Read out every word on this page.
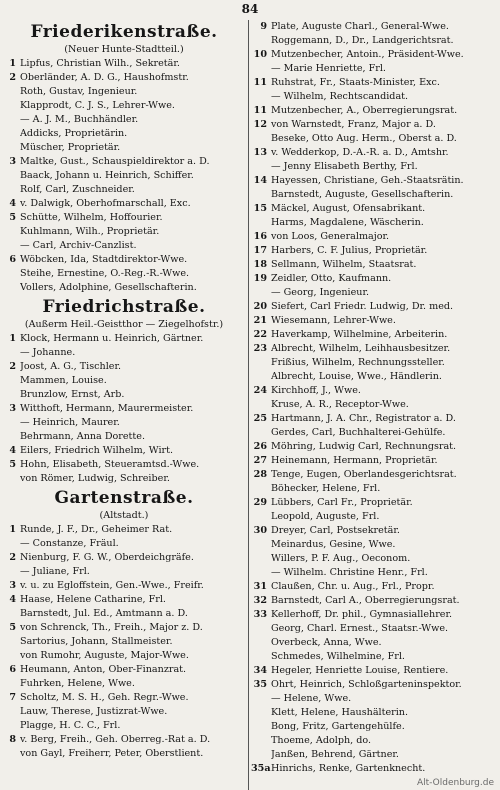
84
Friederikenstraße.
(Neuer Hunte-Stadtteil.)
1 Lipfus, Christian Wilh., Sekretär.
2 Oberländer, A. D. G., Haushofmstr.
Roth, Gustav, Ingenieur.
Klapprodt, C. J. S., Lehrer-Wwe.
— A. J. M., Buchhändler.
Addicks, Proprietärin.
Müscher, Proprietär.
3 Maltke, Gust., Schauspieldirektor a. D.
Baack, Johann u. Heinrich, Schiffer.
Rolf, Carl, Zuschneider.
4 v. Dalwigk, Oberhofmarschall, Exc.
5 Schütte, Wilhelm, Hoffourier.
Kuhlmann, Wilh., Proprietär.
— Carl, Archiv-Canzlist.
6 Wöbcken, Ida, Stadtdirektor-Wwe.
Steihe, Ernestine, O.-Reg.-R.-Wwe.
Vollers, Adolphine, Gesellschafterin.
Friedrichstraße.
(Außerm Heil.-Geistthor — Ziegelhofstr.)
1 Klock, Hermann u. Heinrich, Gärtner.
— Johanne.
2 Joost, A. G., Tischler.
Mammen, Louise.
Brunzlow, Ernst, Arb.
3 Witthoft, Hermann, Maurermeister.
— Heinrich, Maurer.
Behrmann, Anna Dorette.
4 Eilers, Friedrich Wilhelm, Wirt.
5 Hohn, Elisabeth, Steueramtsd.-Wwe.
von Römer, Ludwig, Schreiber.
Gartenstraße.
(Altstadt.)
1 Runde, J. F., Dr., Geheimer Rat.
— Constanze, Fräul.
2 Nienburg, F. G. W., Oberdeichgräfe.
— Juliane, Frl.
3 v. u. zu Egloffstein, Gen.-Wwe., Freifr.
4 Haase, Helene Catharine, Frl.
Barnstedt, Jul. Ed., Amtmann a. D.
5 von Schrenck, Th., Freih., Major z. D.
Sartorius, Johann, Stallmeister.
von Rumohr, Auguste, Major-Wwe.
6 Heumann, Anton, Ober-Finanzrat.
Fuhrken, Helene, Wwe.
7 Scholtz, M. S. H., Geh. Regr.-Wwe.
Lauw, Therese, Justizrat-Wwe.
Plagge, H. C. C., Frl.
8 v. Berg, Freih., Geh. Oberreg.-Rat a. D.
von Gayl, Freiherr, Peter, Oberstlient.
9 Plate, Auguste Charl., General-Wwe.
Roggemann, D., Dr., Landgerichtsrat.
10 Mutzenbecher, Antoin., Präsident-Wwe.
— Marie Henriette, Frl.
11 Ruhstrat, Fr., Staats-Minister, Exc.
— Wilhelm, Rechtscandidat.
11 Mutzenbecher, A., Oberregierungsrat.
12 von Warnstedt, Franz, Major a. D.
Beseke, Otto Aug. Herm., Oberst a. D.
13 v. Wedderkop, D.-A.-R. a. D., Amtshr.
— Jenny Elisabeth Berthy, Frl.
14 Hayessen, Christiane, Geh.-Staatsrätin.
Barnstedt, Auguste, Gesellschafterin.
15 Mäckel, August, Ofensabrikant.
Harms, Magdalene, Wäscherin.
16 von Loos, Generalmajor.
17 Harbers, C. F. Julius, Proprietär.
18 Sellmann, Wilhelm, Staatsrat.
19 Zeidler, Otto, Kaufmann.
— Georg, Ingenieur.
20 Siefert, Carl Friedr. Ludwig, Dr. med.
21 Wiesemann, Lehrer-Wwe.
22 Haverkamp, Wilhelmine, Arbeiterin.
23 Albrecht, Wilhelm, Leihhausbesitzer.
Frißius, Wilhelm, Rechnungssteller.
Albrecht, Louise, Wwe., Händlerin.
24 Kirchhoff, J., Wwe.
Kruse, A. R., Receptor-Wwe.
25 Hartmann, J. A. Chr., Registrator a. D.
Gerdes, Carl, Buchhalterei-Gehülfe.
26 Möhring, Ludwig Carl, Rechnungsrat.
27 Heinemann, Hermann, Proprietär.
28 Tenge, Eugen, Oberlandesgerichtsrat.
Böhecker, Helene, Frl.
29 Lübbers, Carl Fr., Proprietär.
Leopold, Auguste, Frl.
30 Dreyer, Carl, Postsekretär.
Meinardus, Gesine, Wwe.
Willers, P. F. Aug., Oeconom.
— Wilhelm. Christine Henr., Frl.
31 Claußen, Chr. u. Aug., Frl., Propr.
32 Barnstedt, Carl A., Oberregierungsrat.
33 Kellerhoff, Dr. phil., Gymnasiallehrer.
Georg, Charl. Ernest., Staatsr.-Wwe.
Overbeck, Anna, Wwe.
Schmedes, Wilhelmine, Frl.
34 Hegeler, Henriette Louise, Rentiere.
35 Ohrt, Heinrich, Schloßgarteninspektor.
— Helene, Wwe.
Klett, Helene, Haushälterin.
Bong, Fritz, Gartengehülfe.
Thoeme, Adolph, do.
Janßen, Behrend, Gärtner.
35a Hinrichs, Renke, Gartenknecht.
Alt-Oldenburg.de
